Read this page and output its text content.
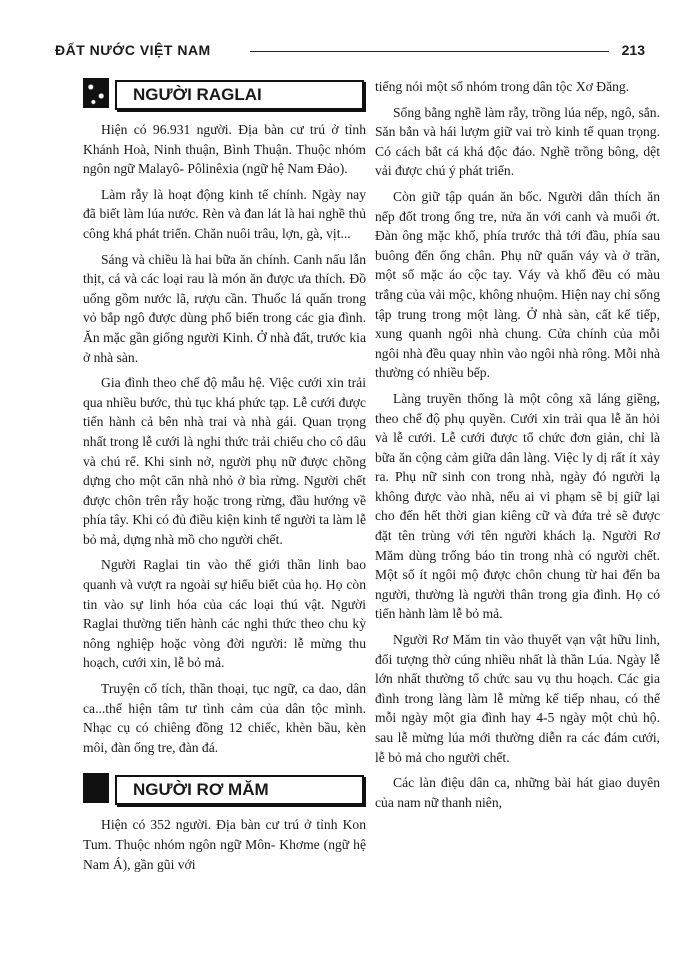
ĐẤT NƯỚC VIỆT NAM	213
NGƯỜI RAGLAI

Hiện có 96.931 người. Địa bàn cư trú ở tỉnh Khánh Hoà, Ninh thuận, Bình Thuận. Thuộc nhóm ngôn ngữ Malayô- Pôlinêxia (ngữ hệ Nam Đảo).

Làm rẫy là hoạt động kinh tế chính. Ngày nay đã biết làm lúa nước. Rèn và đan lát là hai nghề thủ công khá phát triển. Chăn nuôi trâu, lợn, gà, vịt...

Sáng và chiều là hai bữa ăn chính. Canh nấu lẫn thịt, cá và các loại rau là món ăn được ưa thích. Đồ uống gồm nước lã, rượu cần. Thuốc lá quấn trong vỏ bắp ngô được dùng phổ biến trong các gia đình. Ăn mặc gần giống người Kinh. Ở nhà đất, trước kia ở nhà sàn.

Gia đình theo chế độ mẫu hệ. Việc cưới xin trải qua nhiều bước, thủ tục khá phức tạp. Lễ cưới được tiến hành cả bên nhà trai và nhà gái. Quan trọng nhất trong lễ cưới là nghi thức trải chiếu cho cô dâu và chú rể. Khi sinh nở, người phụ nữ được chồng dựng cho một căn nhà nhỏ ở bìa rừng. Người chết được chôn trên rẫy hoặc trong rừng, đầu hướng về phía tây. Khi có đủ điều kiện kinh tế người ta làm lễ bỏ mả, dựng nhà mồ cho người chết.

Người Raglai tin vào thế giới thần linh bao quanh và vượt ra ngoài sự hiểu biết của họ. Họ còn tin vào sự linh hóa của các loại thú vật. Người Raglai thường tiến hành các nghi thức theo chu kỳ nông nghiệp hoặc vòng đời người: lễ mừng thu hoạch, cưới xin, lễ bỏ mả.

Truyện cổ tích, thần thoại, tục ngữ, ca dao, dân ca...thể hiện tâm tư tình cảm của dân tộc mình. Nhạc cụ có chiêng đồng 12 chiếc, khèn bầu, kèn môi, đàn ống tre, đàn đá.

NGƯỜI RƠ MĂM

Hiện có 352 người. Địa bàn cư trú ở tỉnh Kon Tum. Thuộc nhóm ngôn ngữ Môn- Khơme (ngữ hệ Nam Á), gần gũi với

tiếng nói một số nhóm trong dân tộc Xơ Đăng.

Sống bằng nghề làm rẫy, trồng lúa nếp, ngô, sắn. Săn bắn và hái lượm giữ vai trò kinh tế quan trọng. Có cách bắt cá khá độc đáo. Nghề trồng bông, dệt vải được chú ý phát triển.

Còn giữ tập quán ăn bốc. Người dân thích ăn nếp đốt trong ống tre, nửa ăn với canh và muối ớt. Đàn ông mặc khố, phía trước thả tới đầu, phía sau buông đến ống chân. Phụ nữ quấn váy và ở trần, một số mặc áo cộc tay. Váy và khố đều có màu trắng của vải mộc, không nhuộm. Hiện nay chỉ sống tập trung trong một làng. Ở nhà sàn, cất kế tiếp, xung quanh ngôi nhà chung. Cửa chính của mỗi ngôi nhà đều quay nhìn vào ngôi nhà rông. Mỗi nhà thường có nhiều bếp.

Làng truyền thống là một công xã láng giềng, theo chế độ phụ quyền. Cưới xin trải qua lễ ăn hỏi và lễ cưới. Lễ cưới được tổ chức đơn giản, chỉ là bữa ăn cộng cảm giữa dân làng. Việc ly dị rất ít xảy ra. Phụ nữ sinh con trong nhà, ngày đó người lạ không được vào nhà, nếu ai vi phạm sẽ bị giữ lại cho đến hết thời gian kiêng cữ và đứa trẻ sẽ được đặt tên trùng với tên người khách lạ. Người Rơ Măm dùng trống báo tin trong nhà có người chết. Một số ít ngôi mộ được chôn chung từ hai đến ba người, thường là người thân trong gia đình. Họ có tiến hành làm lễ bỏ mả.

Người Rơ Măm tin vào thuyết vạn vật hữu linh, đối tượng thờ cúng nhiều nhất là thần Lúa. Ngày lễ lớn nhất thường tổ chức sau vụ thu hoạch. Các gia đình trong làng làm lễ mừng kế tiếp nhau, có thể mỗi ngày một gia đình hay 4-5 ngày một chủ hộ. sau lễ mừng lúa mới thường diễn ra các đám cưới, lễ bỏ mả cho người chết.

Các làn điệu dân ca, những bài hát giao duyên của nam nữ thanh niên,
